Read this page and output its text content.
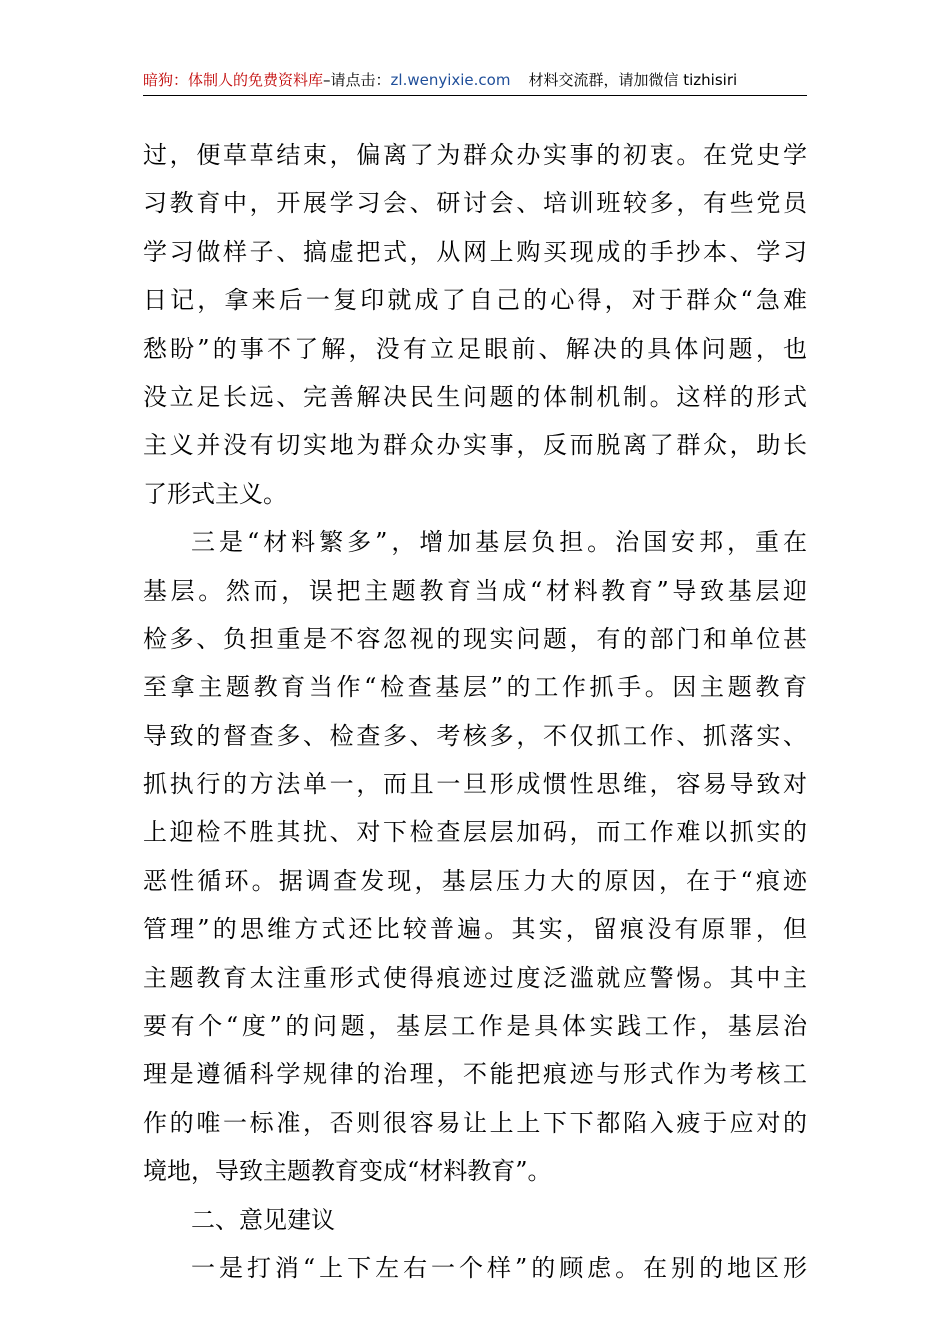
暗狗：体制人的免费资料库–请点击：zl.wenyixie.com 材料交流群，请加微信 tizhisiri
过，便草草结束，偏离了为群众办实事的初衷。在党史学
习教育中，开展学习会、研讨会、培训班较多，有些党员
学习做样子、搞虚把式，从网上购买现成的手抄本、学习
日记，拿来后一复印就成了自己的心得，对于群众“急难
愁盼”的事不了解，没有立足眼前、解决的具体问题，也
没立足长远、完善解决民生问题的体制机制。这样的形式
主义并没有切实地为群众办实事，反而脱离了群众，助长
了形式主义。
三是“材料繁多”，增加基层负担。治国安邦，重在
基层。然而，误把主题教育当成“材料教育”导致基层迎
检多、负担重是不容忽视的现实问题，有的部门和单位甚
至拿主题教育当作“检查基层”的工作抓手。因主题教育
导致的督查多、检查多、考核多，不仅抓工作、抓落实、
抓执行的方法单一，而且一旦形成惯性思维，容易导致对
上迎检不胜其扰、对下检查层层加码，而工作难以抓实的
恶性循环。据调查发现，基层压力大的原因，在于“痕迹
管理”的思维方式还比较普遍。其实，留痕没有原罪，但
主题教育太注重形式使得痕迹过度泛滥就应警惕。其中主
要有个“度”的问题，基层工作是具体实践工作，基层治
理是遵循科学规律的治理，不能把痕迹与形式作为考核工
作的唯一标准，否则很容易让上上下下都陷入疲于应对的
境地，导致主题教育变成“材料教育”。
二、意见建议
一是打消“上下左右一个样”的顾虑。在别的地区形
